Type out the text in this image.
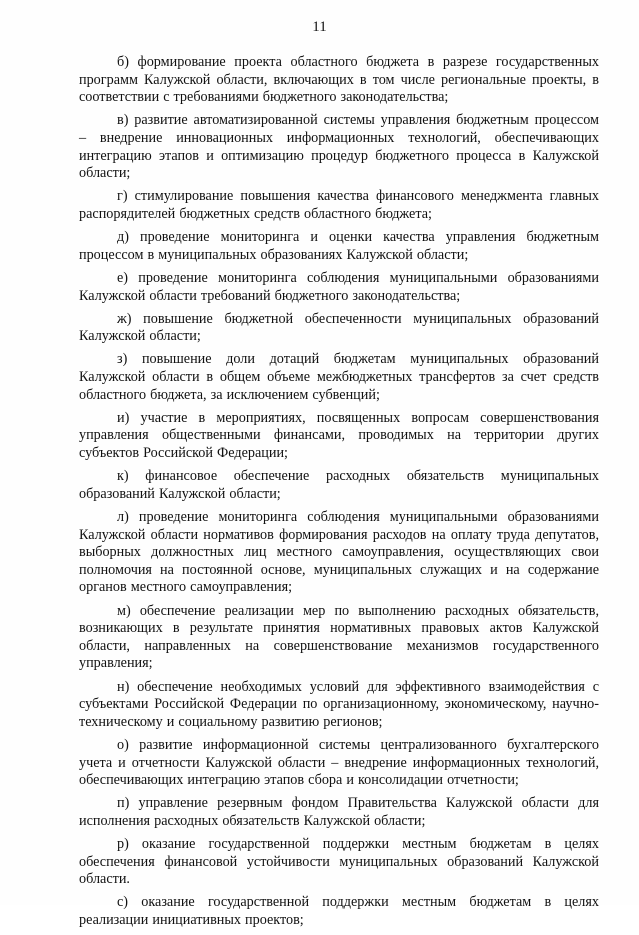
11

б) формирование проекта областного бюджета в разрезе государственных программ Калужской области, включающих в том числе региональные проекты, в соответствии с требованиями бюджетного законодательства;

в) развитие автоматизированной системы управления бюджетным процессом – внедрение инновационных информационных технологий, обеспечивающих интеграцию этапов и оптимизацию процедур бюджетного процесса в Калужской области;

г) стимулирование повышения качества финансового менеджмента главных распорядителей бюджетных средств областного бюджета;

д) проведение мониторинга и оценки качества управления бюджетным процессом в муниципальных образованиях Калужской области;

е) проведение мониторинга соблюдения муниципальными образованиями Калужской области требований бюджетного законодательства;

ж) повышение бюджетной обеспеченности муниципальных образований Калужской области;

з) повышение доли дотаций бюджетам муниципальных образований Калужской области в общем объеме межбюджетных трансфертов за счет средств областного бюджета, за исключением субвенций;

и) участие в мероприятиях, посвященных вопросам совершенствования управления общественными финансами, проводимых на территории других субъектов Российской Федерации;

к) финансовое обеспечение расходных обязательств муниципальных образований Калужской области;

л) проведение мониторинга соблюдения муниципальными образованиями Калужской области нормативов формирования расходов на оплату труда депутатов, выборных должностных лиц местного самоуправления, осуществляющих свои полномочия на постоянной основе, муниципальных служащих и на содержание органов местного самоуправления;

м) обеспечение реализации мер по выполнению расходных обязательств, возникающих в результате принятия нормативных правовых актов Калужской области, направленных на совершенствование механизмов государственного управления;

н) обеспечение необходимых условий для эффективного взаимодействия с субъектами Российской Федерации по организационному, экономическому, научно-техническому и социальному развитию регионов;

о) развитие информационной системы централизованного бухгалтерского учета и отчетности Калужской области – внедрение информационных технологий, обеспечивающих интеграцию этапов сбора и консолидации отчетности;

п) управление резервным фондом Правительства Калужской области для исполнения расходных обязательств Калужской области;

р) оказание государственной поддержки местным бюджетам в целях обеспечения финансовой устойчивости муниципальных образований Калужской области.

с) оказание государственной поддержки местным бюджетам в целях реализации инициативных проектов;
